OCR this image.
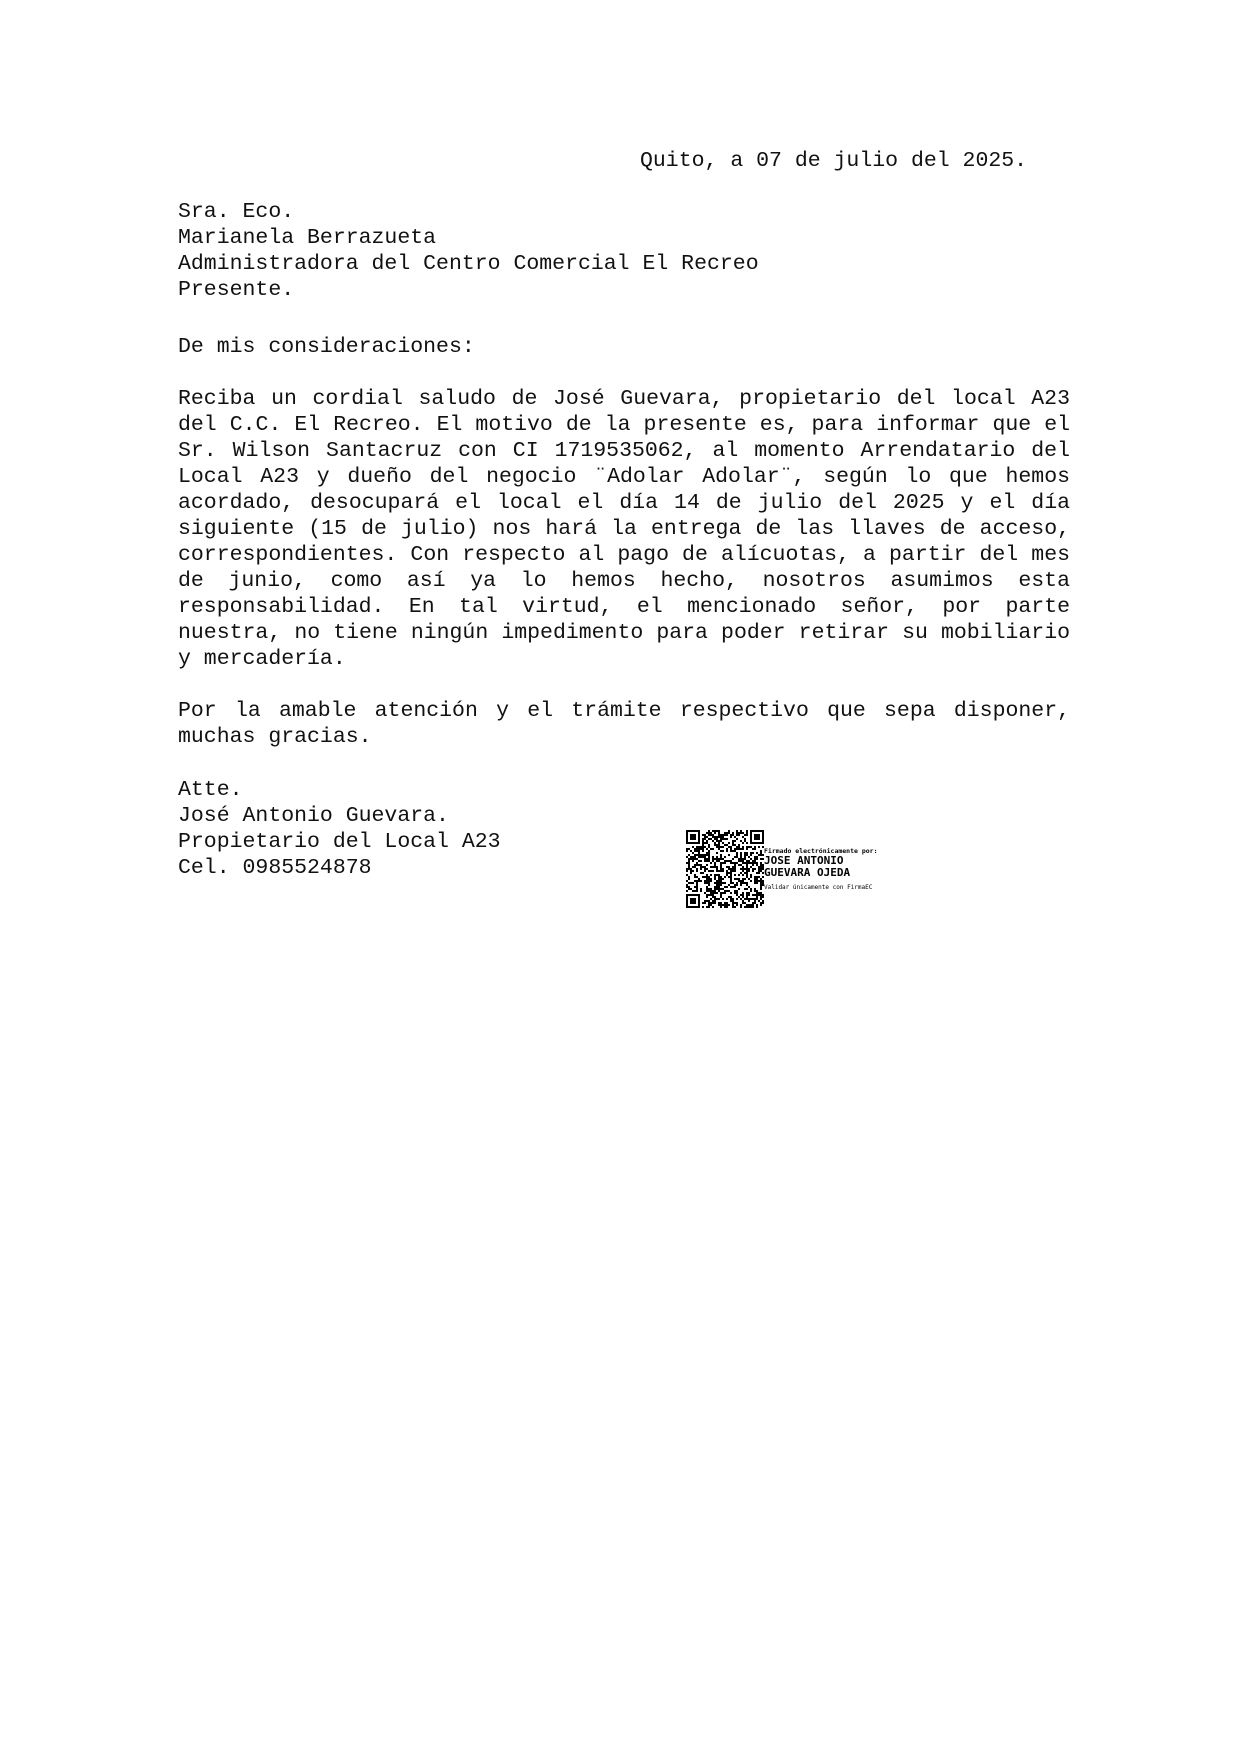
Quito, a 07 de julio del 2025.
Sra. Eco.
Marianela Berrazueta
Administradora del Centro Comercial El Recreo
Presente.
De mis consideraciones:

Reciba un cordial saludo de José Guevara, propietario del local A23 del C.C. El Recreo. El motivo de la presente es, para informar que el Sr. Wilson Santacruz con CI 1719535062, al momento Arrendatario del Local A23 y dueño del negocio ¨Adolar Adolar¨, según lo que hemos acordado, desocupará el local el día 14 de julio del 2025 y el día siguiente (15 de julio) nos hará la entrega de las llaves de acceso, correspondientes. Con respecto al pago de alícuotas, a partir del mes de junio, como así ya lo hemos hecho, nosotros asumimos esta responsabilidad. En tal virtud, el mencionado señor, por parte nuestra, no tiene ningún impedimento para poder retirar su mobiliario y mercadería.

Por la amable atención y el trámite respectivo que sepa disponer, muchas gracias.

Atte.
José Antonio Guevara.
Propietario del Local A23
Cel. 0985524878
Firmado electrónicamente por:
JOSE ANTONIO
GUEVARA OJEDA
Validar únicamente con FirmaEC
